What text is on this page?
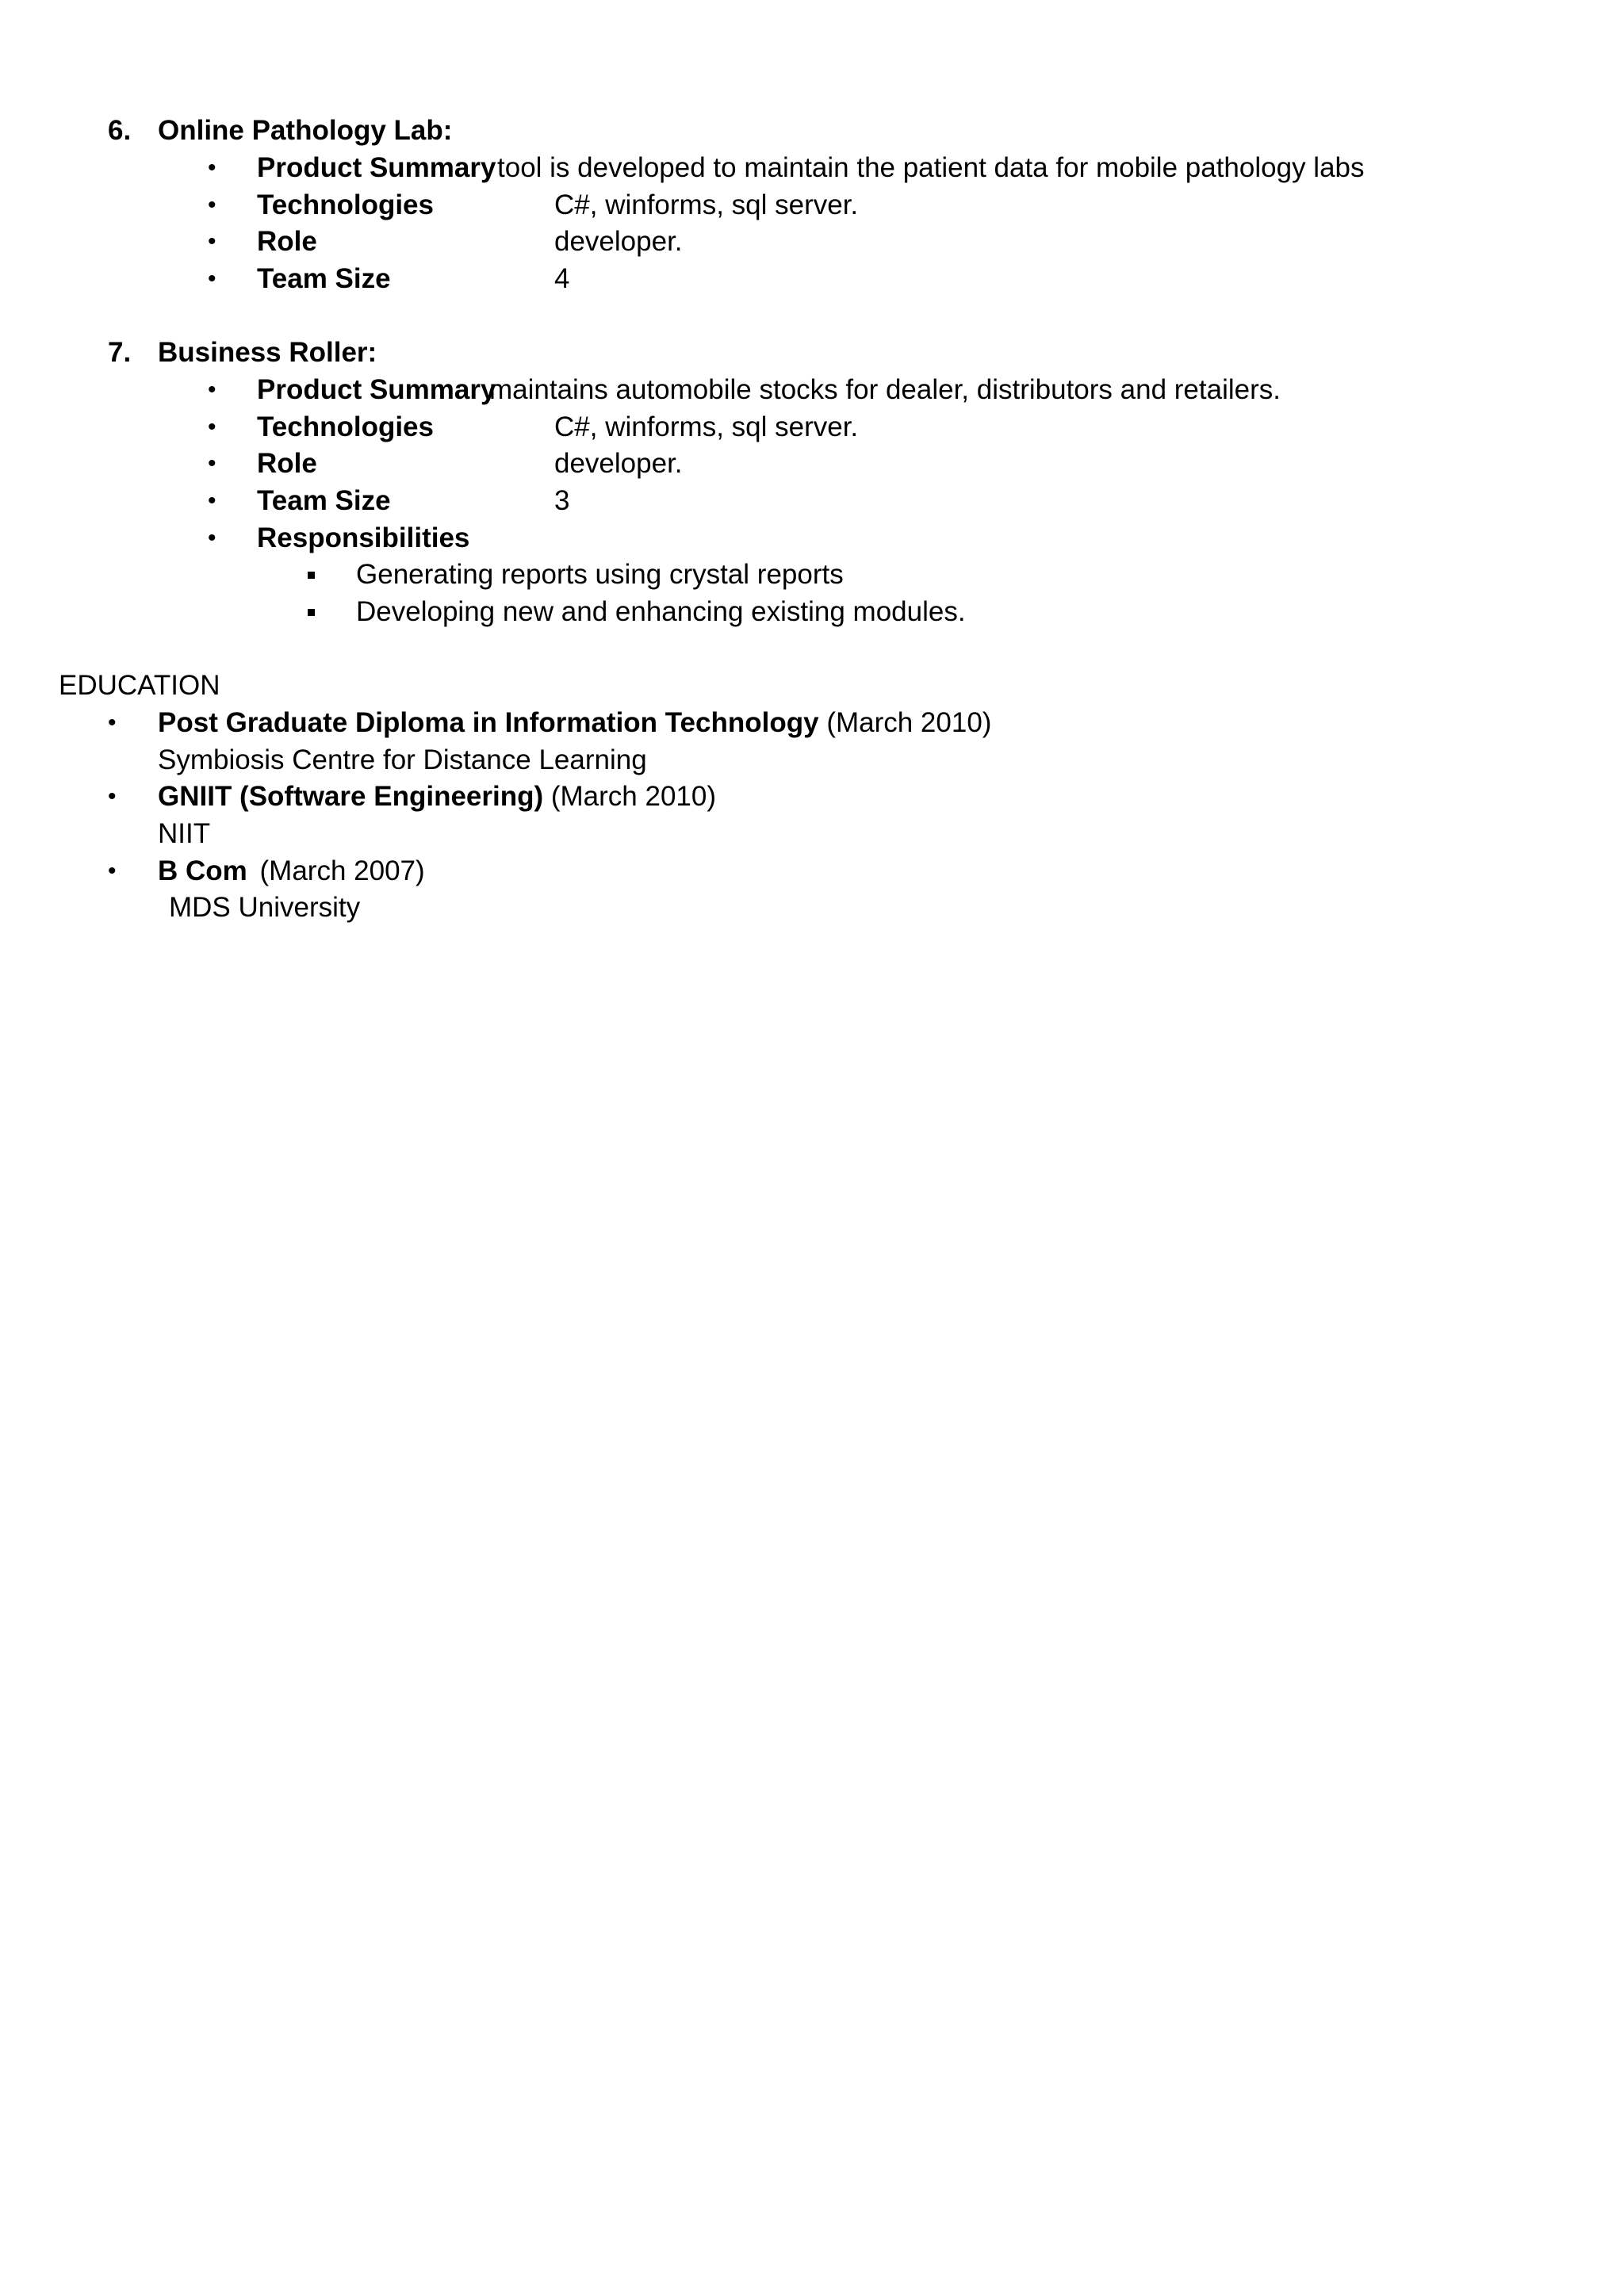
6. Online Pathology Lab:
• Product Summary tool is developed to maintain the patient data for mobile pathology labs
• Technologies	C#, winforms, sql server.
• Role	developer.
• Team Size	4
7. Business Roller:
• Product Summary
maintains automobile stocks for dealer, distributors and retailers.
• Technologies	C#, winforms, sql server.
• Role	developer.
• Team Size	3
• Responsibilities
Generating reports using crystal reports
Developing new and enhancing existing modules.
EDUCATION
• Post Graduate Diploma in Information Technology (March 2010)
Symbiosis Centre for Distance Learning
• GNIIT (Software Engineering) (March 2010)
NIIT
• B Com (March 2007)
MDS University
